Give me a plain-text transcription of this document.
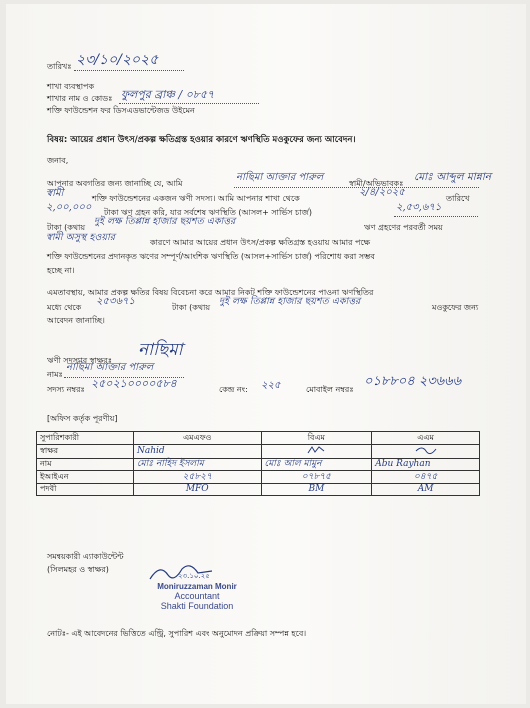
তারিখঃ ২৩/১০/২০২৫
শাখা ব্যবস্থাপক
শাখার নাম ও কোডঃ ফুলপুর ব্রাঞ্চ / ০৮৫৭
শক্তি ফাউন্ডেশন ফর ডিসএডভান্টেজড উইমেন
বিষয়: আয়ের প্রধান উৎস/প্রকল্প ক্ষতিগ্রস্ত হওয়ার কারণে ঋণস্থিতি মওকুফের জন্য আবেদন।
জনাব,
আপনার অবগতির জন্য জানাচ্ছি যে, আমি
নাছিমা আক্তার পারুল
স্বামী/অভিভাবকঃ
মোঃ আব্দুল মান্নান
স্বামী	শক্তি ফাউন্ডেশনের একজন ঋণী সদস্য। আমি আপনার শাখা থেকে
২/৪/২০২৫
তারিখে
২,০০,০০০ টাকা ঋণ গ্রহন করি, যার সর্বশেষ ঋণস্থিতি (আসল+ সার্ভিস চার্জ)	২,৫৩,৬৭১
টাকা (কথায়
দুই লক্ষ তিপ্পান্ন হাজার ছয়শত একাত্তর
ঋণ গ্রহণের পরবর্তী সময়
স্বামী অসুস্থ হওয়ার	কারণে আমার আয়ের প্রধান উৎস/প্রকল্প ক্ষতিগ্রস্ত হওয়ায় আমার পক্ষে
শক্তি ফাউন্ডেশনের প্রদানকৃত ঋণের সম্পূর্ণ/আংশিক ঋণস্থিতি (আসল+সার্ভিস চার্জ) পরিশোধ করা সম্ভব
হচ্ছে না।
এমতাবস্থায়, আমার প্রকল্প ক্ষতির বিষয় বিবেচনা করে আমার নিকট শক্তি ফাউন্ডেশনের পাওনা ঋণস্থিতির
মধ্যে থেকে
২৫৩৬৭১
টাকা (কথায়
দুই লক্ষ তিপ্পান্ন হাজার ছয়শত একাত্তর
মওকুফের জন্য
আবেদন জানাচ্ছি।
ঋণী সদস্যার স্বাক্ষরঃ
নাছিমা
নামঃ
নাছিমা আক্তার পারুল
সদস্য নম্বরঃ ২৫০২১০০০০৫৮৪	কেন্দ্র নং: ২২৫	মোবাইল নম্বরঃ
০১৮৮০৪ ২৩৬৬৬
[অফিস কর্তৃক পূরণীয়]
সুপারিশকারী	এমএফও	বিএম	এএম
স্বাক্ষর	Nahid		
নাম	মোঃ নাহিদ ইসলাম	মোঃ আল মামুন	Abu Rayhan
ইআইএন	২৫৮২৭	০৭৮৭৫	০৪৭৫
পদবী	MFO	BM	AM
সমন্বয়কারী এ্যাকাউন্টেন্ট
(সিলমহর ও স্বাক্ষর)
২৩.১০.২৫
Moniruzzaman Monir
Accountant
Shakti Foundation
নোটঃ- এই আবেদনের ভিত্তিতে এন্ট্রি, সুপারিশ এবং অনুমোদন প্রক্রিয়া সম্পন্ন হবে।
